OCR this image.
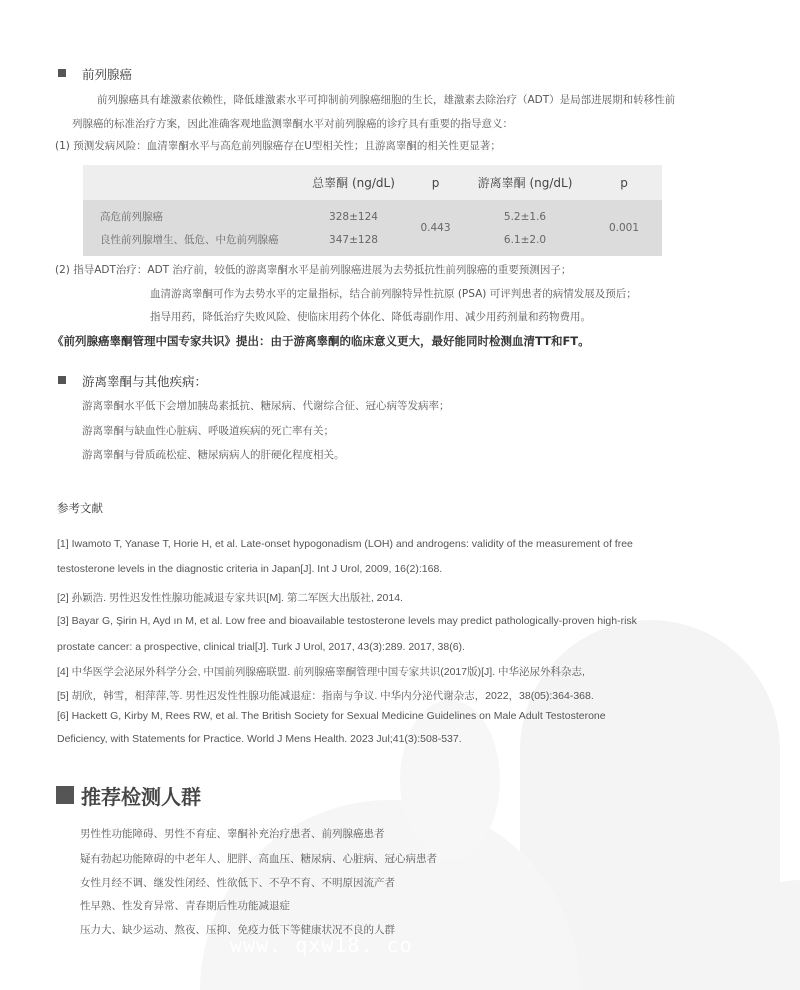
前列腺癌
前列腺癌具有雄激素依赖性，降低雄激素水平可抑制前列腺癌细胞的生长，雄激素去除治疗（ADT）是局部进展期和转移性前
列腺癌的标准治疗方案，因此准确客观地监测睾酮水平对前列腺癌的诊疗具有重要的指导意义：
(1) 预测发病风险：血清睾酮水平与高危前列腺癌存在U型相关性；且游离睾酮的相关性更显著；
	总睾酮 (ng/dL)	p	游离睾酮 (ng/dL)	p
高危前列腺癌	328±124	0.443	5.2±1.6	0.001
良性前列腺增生、低危、中危前列腺癌	347±128		6.1±2.0	
(2) 指导ADT治疗：ADT 治疗前，较低的游离睾酮水平是前列腺癌进展为去势抵抗性前列腺癌的重要预测因子；
血清游离睾酮可作为去势水平的定量指标，结合前列腺特异性抗原 (PSA) 可评判患者的病情发展及预后；
指导用药，降低治疗失败风险、使临床用药个体化、降低毒副作用、减少用药剂量和药物费用。
《前列腺癌睾酮管理中国专家共识》提出：由于游离睾酮的临床意义更大，最好能同时检测血清TT和FT。
游离睾酮与其他疾病：
游离睾酮水平低下会增加胰岛素抵抗、糖尿病、代谢综合征、冠心病等发病率；
游离睾酮与缺血性心脏病、呼吸道疾病的死亡率有关；
游离睾酮与骨质疏松症、糖尿病病人的肝硬化程度相关。
参考文献
[1] Iwamoto T, Yanase T, Horie H, et al. Late-onset hypogonadism (LOH) and androgens: validity of the measurement of free
testosterone levels in the diagnostic criteria in Japan[J]. Int J Urol, 2009, 16(2):168.
[2] 孙颖浩. 男性迟发性性腺功能减退专家共识[M]. 第二军医大出版社, 2014.
[3] Bayar G, Şirin H, Ayd ın M, et al. Low free and bioavailable testosterone levels may predict pathologically-proven high-risk
prostate cancer: a prospective, clinical trial[J]. Turk J Urol, 2017, 43(3):289. 2017, 38(6).
[4] 中华医学会泌尿外科学分会, 中国前列腺癌联盟. 前列腺癌睾酮管理中国专家共识(2017版)[J]. 中华泌尿外科杂志,
[5] 胡欣，韩雪，相萍萍,等. 男性迟发性性腺功能减退症：指南与争议. 中华内分泌代谢杂志，2022，38(05):364-368.
[6] Hackett G, Kirby M, Rees RW, et al. The British Society for Sexual Medicine Guidelines on Male Adult Testosterone
Deficiency, with Statements for Practice. World J Mens Health. 2023 Jul;41(3):508-537.
推荐检测人群
男性性功能障碍、男性不育症、睾酮补充治疗患者、前列腺癌患者
疑有勃起功能障碍的中老年人、肥胖、高血压、糖尿病、心脏病、冠心病患者
女性月经不调、继发性闭经、性欲低下、不孕不育、不明原因流产者
性早熟、性发育异常、青春期后性功能减退症
压力大、缺少运动、熬夜、压抑、免疫力低下等健康状况不良的人群
www. qxw18. co
